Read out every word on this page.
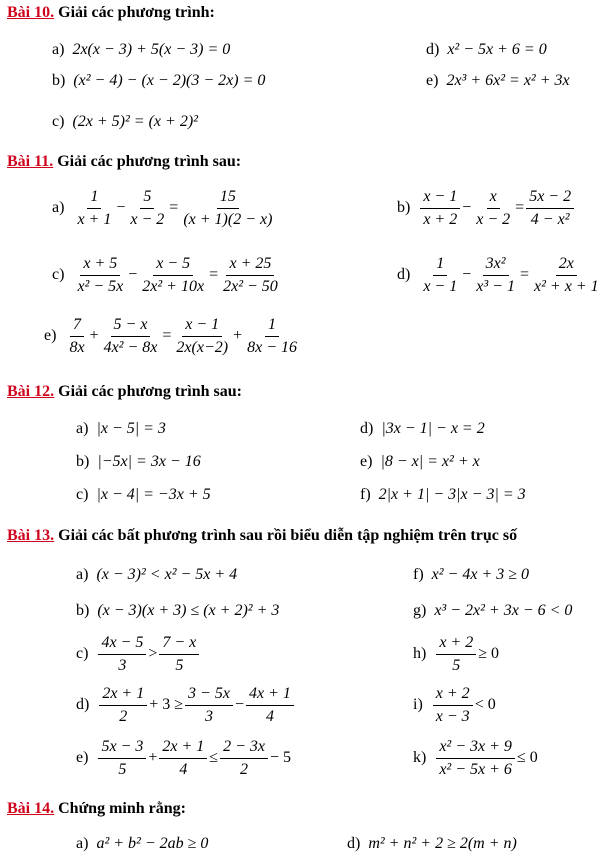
Bài 10. Giải các phương trình:
a) 2x(x − 3) + 5(x − 3) = 0	d) x² − 5x + 6 = 0
b) (x² − 4) − (x − 2)(3 − 2x) = 0	e) 2x³ + 6x² = x² + 3x
c) (2x + 5)² = (x + 2)²
Bài 11. Giải các phương trình sau:
$a) \frac{1}{x + 1} - \frac{5}{x - 2} = \frac{15}{(x + 1)(2 - x)}$	$b) \frac{x - 1}{x + 2} - \frac{x}{x - 2} = \frac{5x - 2}{\text{4 − x²}}$
$c) \frac{x + 5}{\text{x² − 5x}} - \frac{x - 5}{\text{2x² + 10x}} = \frac{x + 25}{\text{2x² − 50}}$	$d) \frac{1}{x - 1} - \frac{\text{3x²}}{\text{x³ − 1}} = \frac{2x}{\text{x² + x + 1}}$
$e) \frac{7}{8x} + \frac{5 - x}{\text{4x² − 8x}} = \frac{x - 1}{2x(x-2)} + \frac{1}{8x - 16}$
Bài 12. Giải các phương trình sau:
a) |x − 5| = 3	d) |3x − 1| − x = 2
b) |−5x| = 3x − 16	e) |8 − x| = x² + x
c) |x − 4| = −3x + 5	f) 2|x + 1| − 3|x − 3| = 3
Bài 13. Giải các bất phương trình sau rồi biểu diễn tập nghiệm trên trục số
a) (x − 3)² < x² − 5x + 4	f) x² − 4x + 3 ≥ 0
b) (x − 3)(x + 3) ≤ (x + 2)² + 3	g) x³ − 2x² + 3x − 6 < 0
$c) \frac{4x - 5}{3} > \frac{7 - x}{5}$	$h) \frac{x + 2}{5} \ge 0$
$d) \frac{2x + 1}{2} + 3 \ge \frac{3 - 5x}{3} - \frac{4x + 1}{4}$	$i) \frac{x + 2}{x - 3} < 0$
$e) \frac{5x - 3}{5} + \frac{2x + 1}{4} \le \frac{2 - 3x}{2} - 5$	$k) \frac{\text{x² − 3x + 9}}{\text{x² − 5x + 6}} \le 0$
Bài 14. Chứng minh rằng:
a) a² + b² − 2ab ≥ 0	d) m² + n² + 2 ≥ 2(m + n)
